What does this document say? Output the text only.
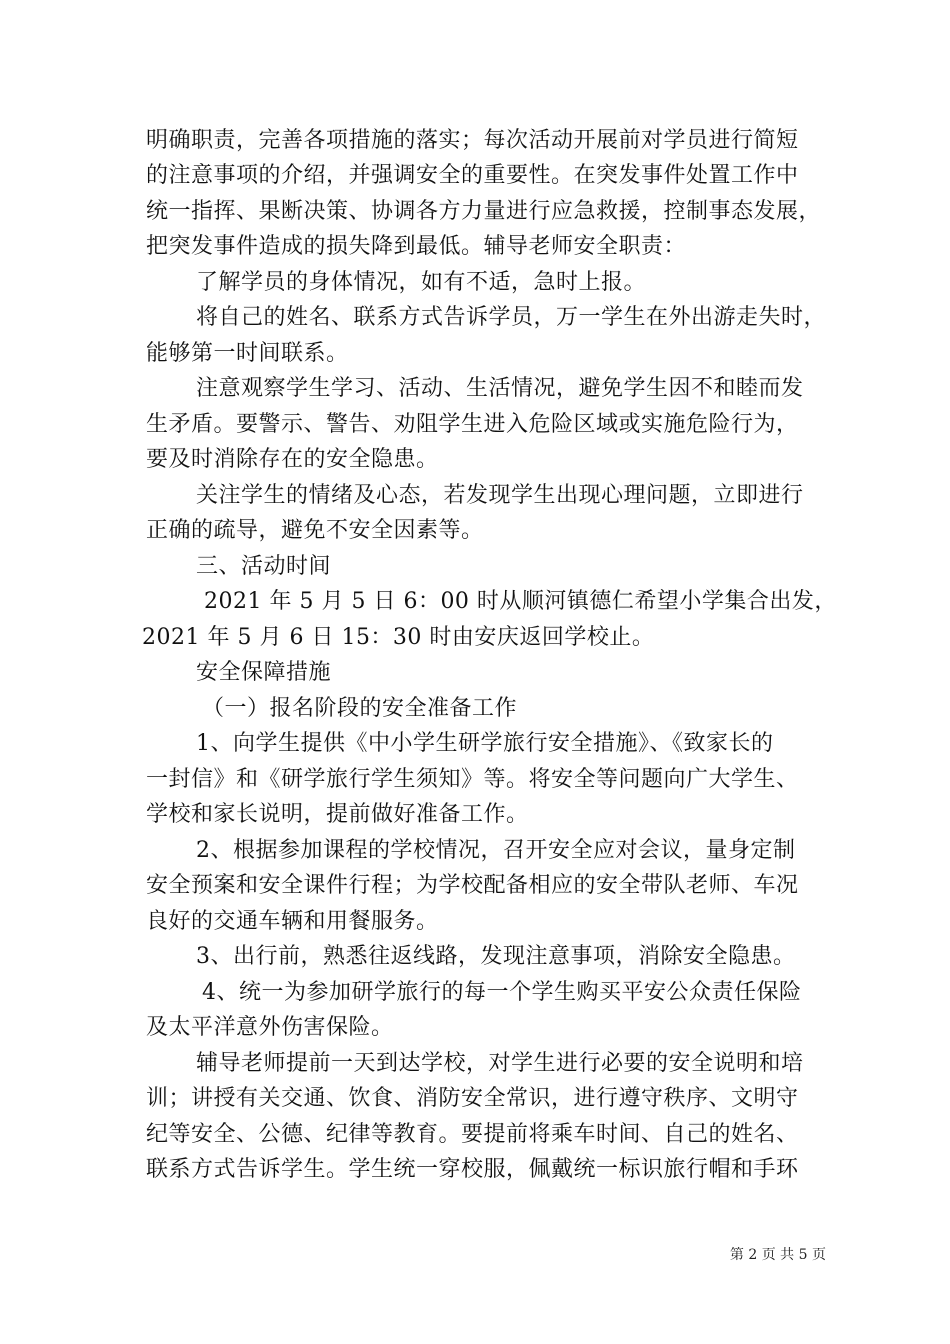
明确职责，完善各项措施的落实；每次活动开展前对学员进行简短
的注意事项的介绍，并强调安全的重要性。在突发事件处置工作中
统一指挥、果断决策、协调各方力量进行应急救援，控制事态发展，
把突发事件造成的损失降到最低。辅导老师安全职责：
了解学员的身体情况，如有不适，急时上报。
将自己的姓名、联系方式告诉学员，万一学生在外出游走失时，
能够第一时间联系。
注意观察学生学习、活动、生活情况，避免学生因不和睦而发
生矛盾。要警示、警告、劝阻学生进入危险区域或实施危险行为，
要及时消除存在的安全隐患。
关注学生的情绪及心态，若发现学生出现心理问题，立即进行
正确的疏导，避免不安全因素等。
三、活动时间
2021 年 5 月 5 日 6：00 时从顺河镇德仁希望小学集合出发，
2021 年 5 月 6 日 15：30 时由安庆返回学校止。
安全保障措施
（一）报名阶段的安全准备工作
1、向学生提供《中小学生研学旅行安全措施》、《致家长的
一封信》和《研学旅行学生须知》等。将安全等问题向广大学生、
学校和家长说明，提前做好准备工作。
2、根据参加课程的学校情况，召开安全应对会议，量身定制
安全预案和安全课件行程；为学校配备相应的安全带队老师、车况
良好的交通车辆和用餐服务。
3、出行前，熟悉往返线路，发现注意事项，消除安全隐患。
4、统一为参加研学旅行的每一个学生购买平安公众责任保险
及太平洋意外伤害保险。
辅导老师提前一天到达学校，对学生进行必要的安全说明和培
训；讲授有关交通、饮食、消防安全常识，进行遵守秩序、文明守
纪等安全、公德、纪律等教育。要提前将乘车时间、自己的姓名、
联系方式告诉学生。学生统一穿校服，佩戴统一标识旅行帽和手环
第 2 页 共 5 页
